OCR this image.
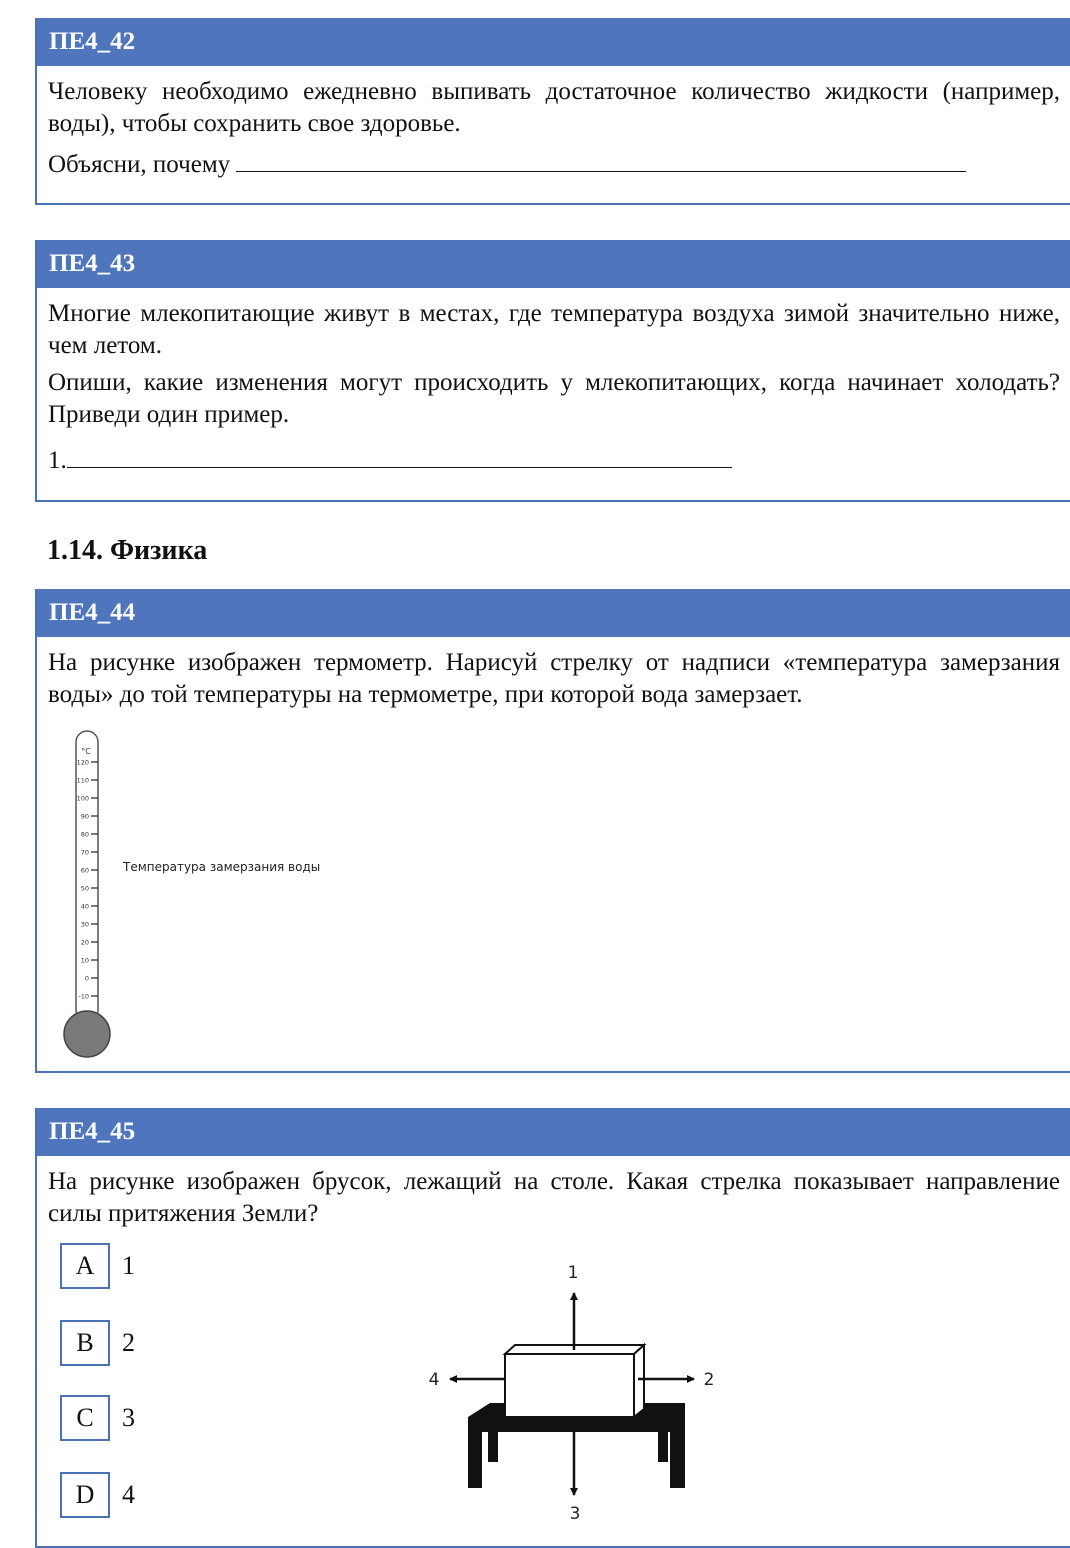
ПЕ4_42

Человеку необходимо ежедневно выпивать достаточное количество жидкости (например, воды), чтобы сохранить свое здоровье.

Объясни, почему

ПЕ4_43

Многие млекопитающие живут в местах, где температура воздуха зимой значительно ниже, чем летом.

Опиши, какие изменения могут происходить у млекопитающих, когда начинает холодать? Приведи один пример.

1.

1.14. Физика
ПЕ4_44

На рисунке изображен термометр. Нарисуй стрелку от надписи «температура замерзания воды» до той температуры на термометре, при которой вода замерзает.

°C
120
110
100
90
80
70
60
50
40
30
20
10
0
-10
Температура замерзания воды
ПЕ4_45

На рисунке изображен брусок, лежащий на столе. Какая стрелка показывает направление силы притяжения Земли?

A	1
B	2
C	3
D	4
1
2
4
3
